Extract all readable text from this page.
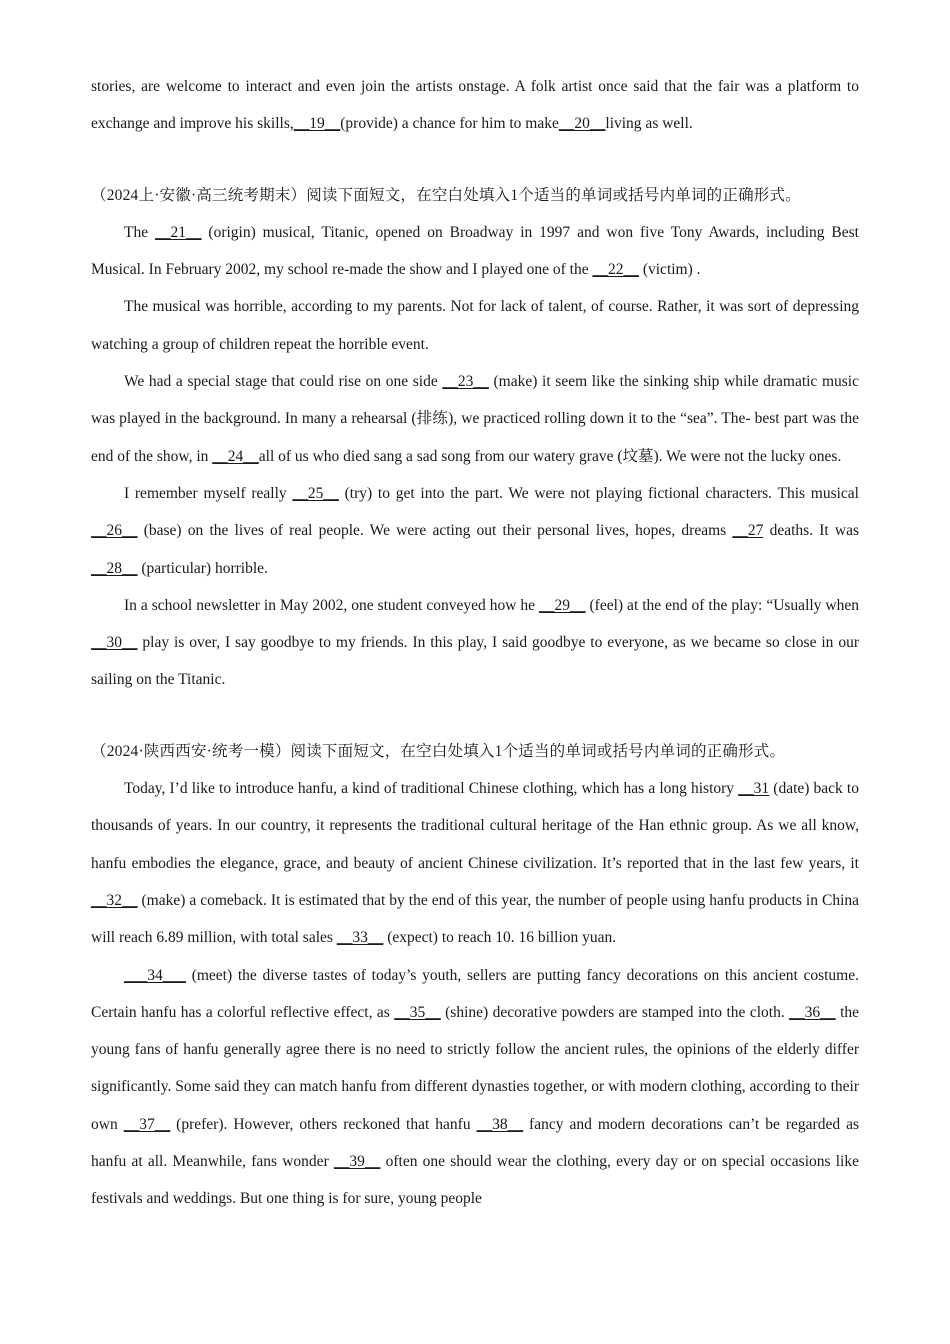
stories, are welcome to interact and even join the artists onstage. A folk artist once said that the fair was a platform to exchange and improve his skills,__19__(provide) a chance for him to make__20__living as well.

（2024上·安徽·高三统考期末）阅读下面短文，在空白处填入1个适当的单词或括号内单词的正确形式。

The __21__ (origin) musical, Titanic, opened on Broadway in 1997 and won five Tony Awards, including Best Musical. In February 2002, my school re-made the show and I played one of the __22__ (victim) .

The musical was horrible, according to my parents. Not for lack of talent, of course. Rather, it was sort of depressing watching a group of children repeat the horrible event.

We had a special stage that could rise on one side __23__ (make) it seem like the sinking ship while dramatic music was played in the background. In many a rehearsal (排练), we practiced rolling down it to the “sea”. The- best part was the end of the show, in __24__all of us who died sang a sad song from our watery grave (坟墓). We were not the lucky ones.

I remember myself really __25__ (try) to get into the part. We were not playing fictional characters. This musical __26__ (base) on the lives of real people. We were acting out their personal lives, hopes, dreams __27 deaths. It was __28__ (particular) horrible.

In a school newsletter in May 2002, one student conveyed how he __29__ (feel) at the end of the play: “Usually when __30__ play is over, I say goodbye to my friends. In this play, I said goodbye to everyone, as we became so close in our sailing on the Titanic.

（2024·陕西西安·统考一模）阅读下面短文，在空白处填入1个适当的单词或括号内单词的正确形式。

Today, I’d like to introduce hanfu, a kind of traditional Chinese clothing, which has a long history __31 (date) back to thousands of years. In our country, it represents the traditional cultural heritage of the Han ethnic group. As we all know, hanfu embodies the elegance, grace, and beauty of ancient Chinese civilization. It’s reported that in the last few years, it __32__ (make) a comeback. It is estimated that by the end of this year, the number of people using hanfu products in China will reach 6.89 million, with total sales __33__ (expect) to reach 10. 16 billion yuan.

___34___ (meet) the diverse tastes of today’s youth, sellers are putting fancy decorations on this ancient costume. Certain hanfu has a colorful reflective effect, as __35__ (shine) decorative powders are stamped into the cloth. __36__ the young fans of hanfu generally agree there is no need to strictly follow the ancient rules, the opinions of the elderly differ significantly. Some said they can match hanfu from different dynasties together, or with modern clothing, according to their own __37__ (prefer). However, others reckoned that hanfu __38__ fancy and modern decorations can’t be regarded as hanfu at all. Meanwhile, fans wonder __39__ often one should wear the clothing, every day or on special occasions like festivals and weddings. But one thing is for sure, young people
